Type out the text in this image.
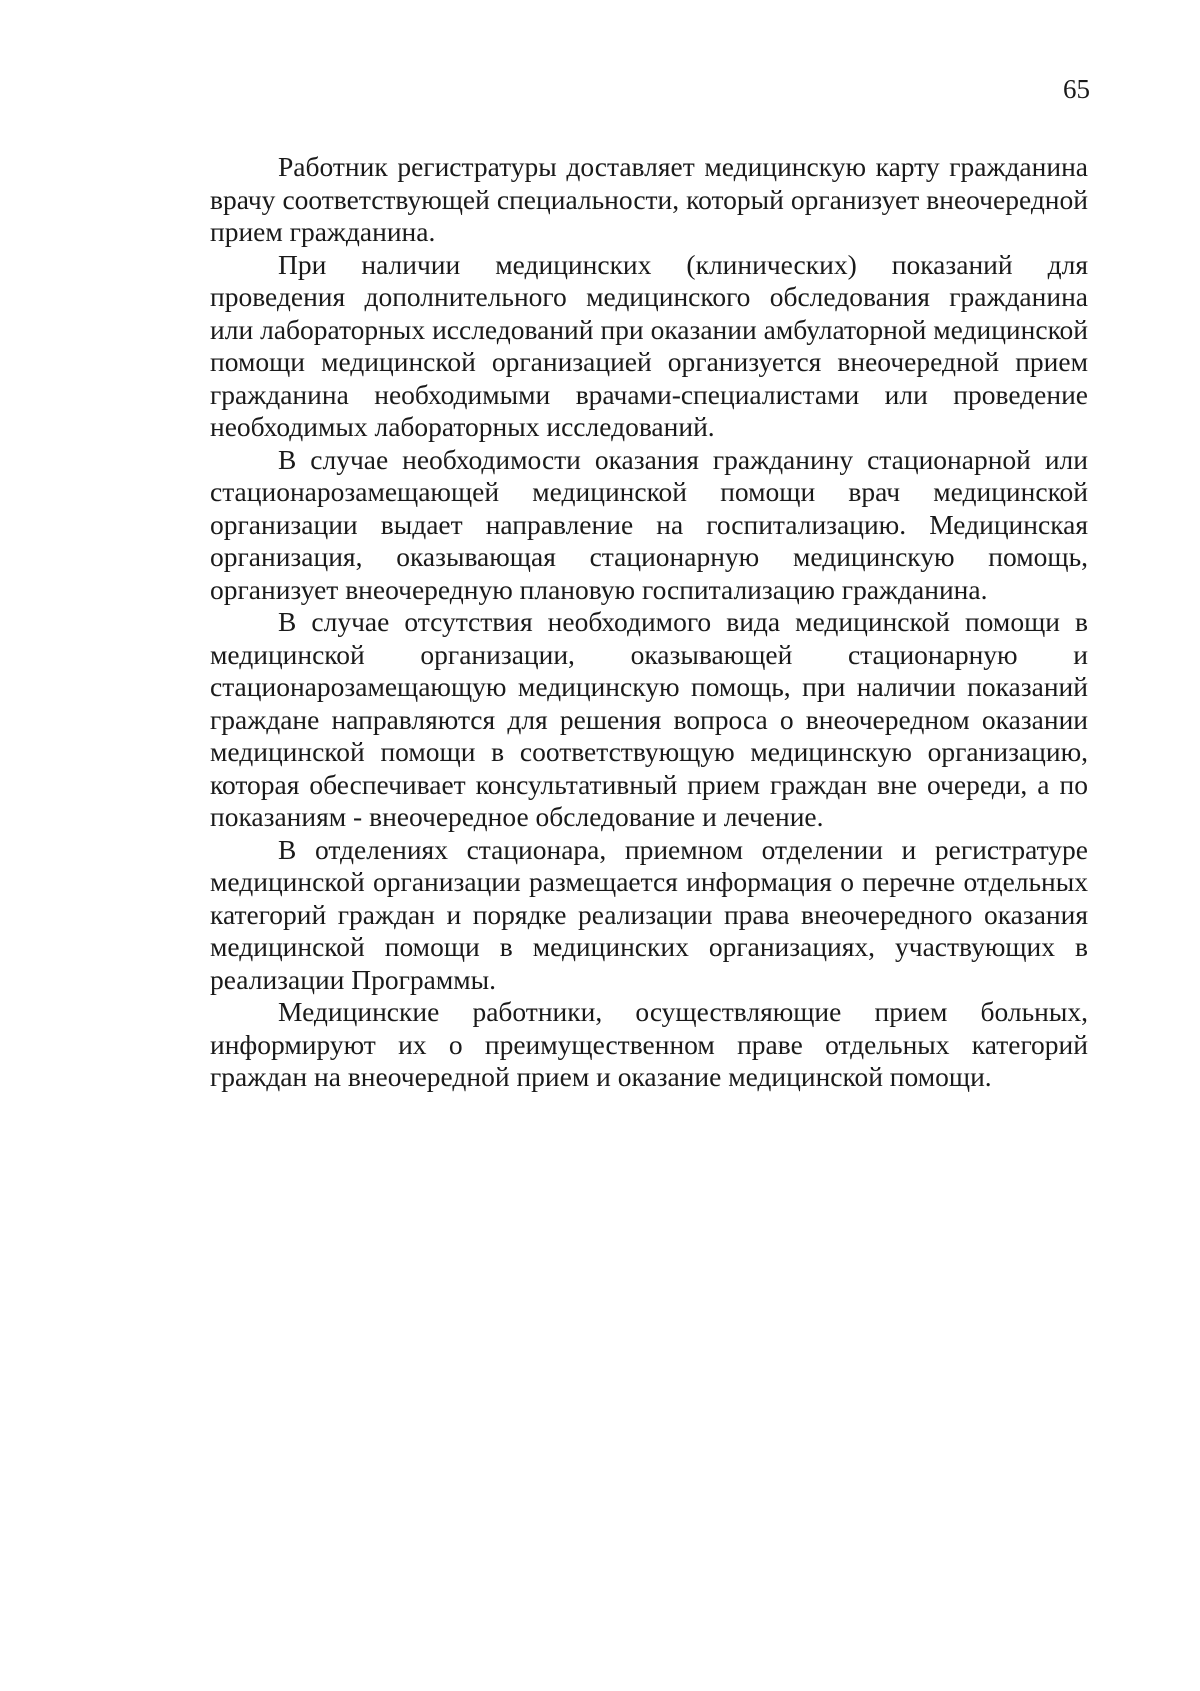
65

Работник регистратуры доставляет медицинскую карту гражданина врачу соответствующей специальности, который организует внеочередной прием гражданина.

При наличии медицинских (клинических) показаний для проведения дополнительного медицинского обследования гражданина или лабораторных исследований при оказании амбулаторной медицинской помощи медицинской организацией организуется внеочередной прием гражданина необходимыми врачами-специалистами или проведение необходимых лабораторных исследований.

В случае необходимости оказания гражданину стационарной или стационарозамещающей медицинской помощи врач медицинской организации выдает направление на госпитализацию. Медицинская организация, оказывающая стационарную медицинскую помощь, организует внеочередную плановую госпитализацию гражданина.

В случае отсутствия необходимого вида медицинской помощи в медицинской организации, оказывающей стационарную и стационарозамещающую медицинскую помощь, при наличии показаний граждане направляются для решения вопроса о внеочередном оказании медицинской помощи в соответствующую медицинскую организацию, которая обеспечивает консультативный прием граждан вне очереди, а по показаниям - внеочередное обследование и лечение.

В отделениях стационара, приемном отделении и регистратуре медицинской организации размещается информация о перечне отдельных категорий граждан и порядке реализации права внеочередного оказания медицинской помощи в медицинских организациях, участвующих в реализации Программы.

Медицинские работники, осуществляющие прием больных, информируют их о преимущественном праве отдельных категорий граждан на внеочередной прием и оказание медицинской помощи.
